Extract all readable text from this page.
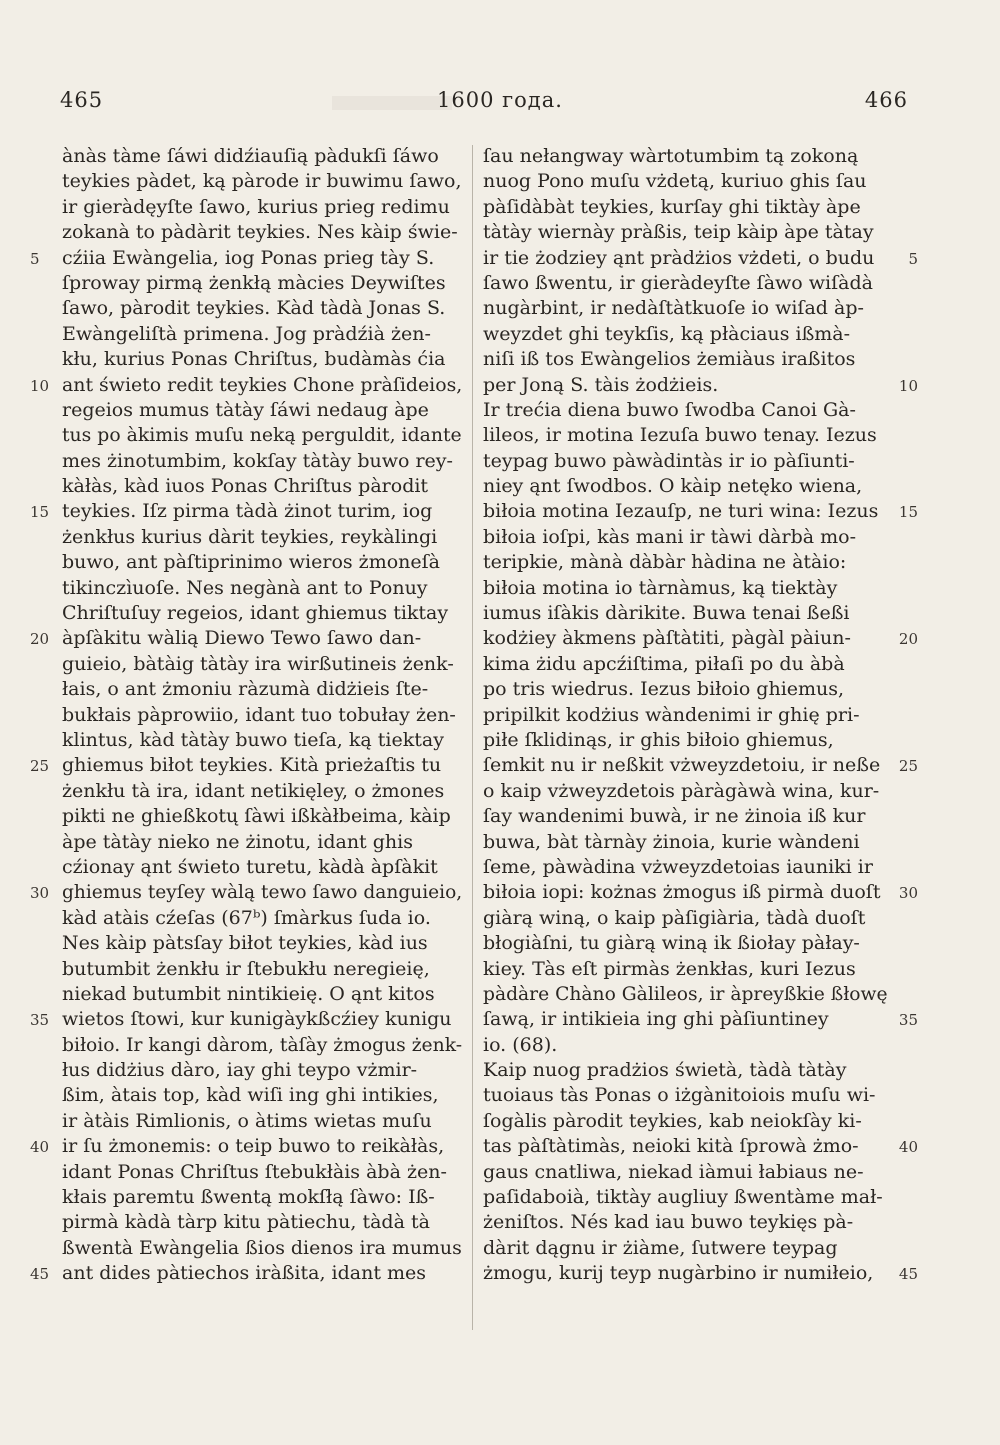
465	1600 года.	466
ànàs tàme ſáwi didźiauſią pàdukſi ſáwo
teykies pàdet, ką pàrode ir buwimu ſawo,
ir gieràdęyſte ſawo, kurius prieg redimu
zokanà to pàdàrit teykies. Nes kàip świe-
5	cźiia Ewàngelia, iog Ponas prieg tày S.
ſproway pirmą żenkłą màcies Deywiſtes
ſawo, pàrodit teykies. Kàd tàdà Jonas S.
Ewàngeliſtà primena. Jog pràdźià żen-
kłu, kurius Ponas Chriſtus, budàmàs ćia
10 ant świeto redit teykies Chone pràſideios,
regeios mumus tàtày ſáwi nedaug àpe
tus po àkimis muſu neką perguldit, idante
mes żinotumbim, kokſay tàtày buwo rey-
kàłàs, kàd iuos Ponas Chriſtus pàrodit
15 teykies. Iſz pirma tàdà żinot turim, iog
żenkłus kurius dàrit teykies, reykàlingi
buwo, ant pàſtiprinimo wieros żmoneſà
tikinczìuoſe. Nes negànà ant to Ponuy
Chriſtuſuy regeios, idant ghiemus tiktay
20 àpſàkitu wàlią Diewo Tewo ſawo dan-
guieio, bàtàig tàtày ira wirßutineis żenk-
łais, o ant żmoniu ràzumà didżieis ſte-
bukłais pàprowiio, idant tuo tobułay żen-
klintus, kàd tàtày buwo tieſa, ką tiektay
25 ghiemus biłot teykies. Kità prieżaſtis tu
żenkłu tà ira, idant netikięley, o żmones
pikti ne ghießkotų ſàwi ißkàłbeima, kàip
àpe tàtày nieko ne żinotu, idant ghis
cźionay ąnt świeto turetu, kàdà àpſàkit
30 ghiemus teyſey wàlą tewo ſawo danguieio,
kàd atàis cźeſas (67ᵇ) ſmàrkus ſuda io.
Nes kàip pàtsſay biłot teykies, kàd ius
butumbit żenkłu ir ſtebukłu neregieię,
niekad butumbit nintikieię. O ąnt kitos
35 wietos ſtowi, kur kunigàykßcźiey kunigu
biłoio. Ir kangi dàrom, tàſày żmogus żenk-
łus didżius dàro, iay ghi teypo vżmir-
ßim, àtais top, kàd wiſi ing ghi intikies,
ir àtàis Rimlionis, o àtims wietas muſu
40 ir ſu żmonemis: o teip buwo to reikàłàs,
idant Ponas Chriſtus ſtebukłàis àbà żen-
kłais paremtu ßwentą mokſłą ſàwo: Iß-
pirmà kàdà tàrp kitu pàtiechu, tàdà tà
ßwentà Ewàngelia ßios dienos ira mumus
45 ant dides pàtiechos iràßita, idant mes
ſau nełangway wàrtotumbim tą zokoną
nuog Pono muſu vżdetą, kuriuo ghis ſau
pàſidàbàt teykies, kurſay ghi tiktày àpe
tàtày wiernày pràßis, teip kàip àpe tàtay
5
ir tie żodziey ąnt pràdżios vżdeti, o budu
ſawo ßwentu, ir gieràdeyſte ſàwo wiſàdà
nugàrbint, ir nedàſtàtkuoſe io wiſad àp-
weyzdet ghi teykſis, ką płàciaus ißmà-
niſi iß tos Ewàngelios żemiàus iraßitos
10
per Joną S. tàis żodżieis.
Ir trećia diena buwo ſwodba Canoi Gà-
lileos, ir motina Iezuſa buwo tenay. Iezus
teypag buwo pàwàdintàs ir io pàſiunti-
niey ąnt ſwodbos. O kàip netęko wiena,
15
biłoia motina Iezauſp, ne turi wina: Iezus
biłoia ioſpi, kàs mani ir tàwi dàrbà mo-
teripkie, mànà dàbàr hàdina ne àtàio:
biłoia motina io tàrnàmus, ką tiektày
iumus iſàkis dàrikite. Buwa tenai ßeßi
20
kodżiey àkmens pàſtàtiti, pàgàl pàiun-
kima żidu apcźiſtima, piłaſi po du àbà
po tris wiedrus. Iezus biłoio ghiemus,
pripilkit kodżius wàndenimi ir ghię pri-
piłe ſklidinąs, ir ghis biłoio ghiemus,
25
ſemkit nu ir neßkit vżweyzdetoiu, ir neße
o kaip vżweyzdetois pàràgàwà wina, kur-
ſay wandenimi buwà, ir ne żinoia iß kur
buwa, bàt tàrnày żinoia, kurie wàndeni
ſeme, pàwàdina vżweyzdetoias iauniki ir
30
biłoia iopi: kożnas żmogus iß pirmà duoſt
giàrą winą, o kaip pàſigiària, tàdà duoſt
błogiàſni, tu giàrą winą ik ßiołay pàłay-
kiey. Tàs eſt pirmàs żenkłas, kuri Iezus
pàdàre Chàno Gàlileos, ir àpreyßkie ßłowę
35
ſawą, ir intikieia ing ghi pàſiuntiney
io. (68).
Kaip nuog pradżios świetà, tàdà tàtày
tuoiaus tàs Ponas o iżgànitoiois muſu wi-
ſogàlis pàrodit teykies, kab neiokſày ki-
40
tas pàſtàtimàs, neioki kità ſprowà żmo-
gaus cnatliwa, niekad iàmui łabiaus ne-
paſidaboià, tiktày augliuy ßwentàme mał-
żeniſtos. Nés kad iau buwo teykięs pà-
dàrit dągnu ir żiàme, ſutwere teypag
45
żmogu, kurij teyp nugàrbino ir numiłeio,
